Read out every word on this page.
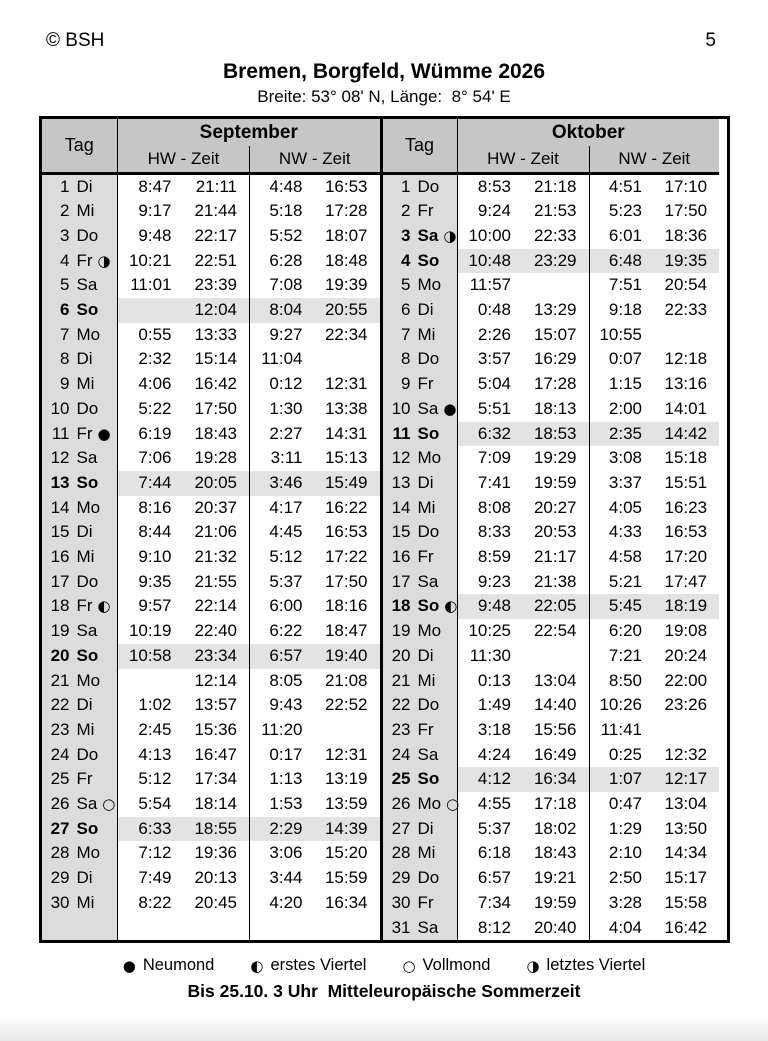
© BSH	5
Bremen, Borgfeld, Wümme 2026
Breite: 53° 08' N, Länge:  8° 54' E
Tag	September			
	HW - Zeit		NW - Zeit	
1 Di	8:47	21:11	4:48	16:53
2 Mi	9:17	21:44	5:18	17:28
3 Do	9:48	22:17	5:52	18:07
4 Fr ◑	10:21	22:51	6:28	18:48
5 Sa	11:01	23:39	7:08	19:39
6 So		12:04	8:04	20:55
7 Mo	0:55	13:33	9:27	22:34
8 Di	2:32	15:14	11:04	
9 Mi	4:06	16:42	0:12	12:31
10 Do	5:22	17:50	1:30	13:38
11 Fr ●	6:19	18:43	2:27	14:31
12 Sa	7:06	19:28	3:11	15:13
13 So	7:44	20:05	3:46	15:49
14 Mo	8:16	20:37	4:17	16:22
15 Di	8:44	21:06	4:45	16:53
16 Mi	9:10	21:32	5:12	17:22
17 Do	9:35	21:55	5:37	17:50
18 Fr ◐	9:57	22:14	6:00	18:16
19 Sa	10:19	22:40	6:22	18:47
20 So	10:58	23:34	6:57	19:40
21 Mo		12:14	8:05	21:08
22 Di	1:02	13:57	9:43	22:52
23 Mi	2:45	15:36	11:20	
24 Do	4:13	16:47	0:17	12:31
25 Fr	5:12	17:34	1:13	13:19
26 Sa ○	5:54	18:14	1:53	13:59
27 So	6:33	18:55	2:29	14:39
28 Mo	7:12	19:36	3:06	15:20
29 Di	7:49	20:13	3:44	15:59
30 Mi	8:22	20:45	4:20	16:34

Tag	Oktober			
	HW - Zeit		NW - Zeit	
1 Do	8:53	21:18	4:51	17:10
2 Fr	9:24	21:53	5:23	17:50
3 Sa ◑	10:00	22:33	6:01	18:36
4 So	10:48	23:29	6:48	19:35
5 Mo	11:57		7:51	20:54
6 Di	0:48	13:29	9:18	22:33
7 Mi	2:26	15:07	10:55	
8 Do	3:57	16:29	0:07	12:18
9 Fr	5:04	17:28	1:15	13:16
10 Sa ●	5:51	18:13	2:00	14:01
11 So	6:32	18:53	2:35	14:42
12 Mo	7:09	19:29	3:08	15:18
13 Di	7:41	19:59	3:37	15:51
14 Mi	8:08	20:27	4:05	16:23
15 Do	8:33	20:53	4:33	16:53
16 Fr	8:59	21:17	4:58	17:20
17 Sa	9:23	21:38	5:21	17:47
18 So ◐	9:48	22:05	5:45	18:19
19 Mo	10:25	22:54	6:20	19:08
20 Di	11:30		7:21	20:24
21 Mi	0:13	13:04	8:50	22:00
22 Do	1:49	14:40	10:26	23:26
23 Fr	3:18	15:56	11:41	
24 Sa	4:24	16:49	0:25	12:32
25 So	4:12	16:34	1:07	12:17
26 Mo ○	4:55	17:18	0:47	13:04
27 Di	5:37	18:02	1:29	13:50
28 Mi	6:18	18:43	2:10	14:34
29 Do	6:57	19:21	2:50	15:17
30 Fr	7:34	19:59	3:28	15:58
31 Sa	8:12	20:40	4:04	16:42
● Neumond ◐ erstes Viertel ○ Vollmond ◑ letztes Viertel
Bis 25.10. 3 Uhr  Mitteleuropäische Sommerzeit
